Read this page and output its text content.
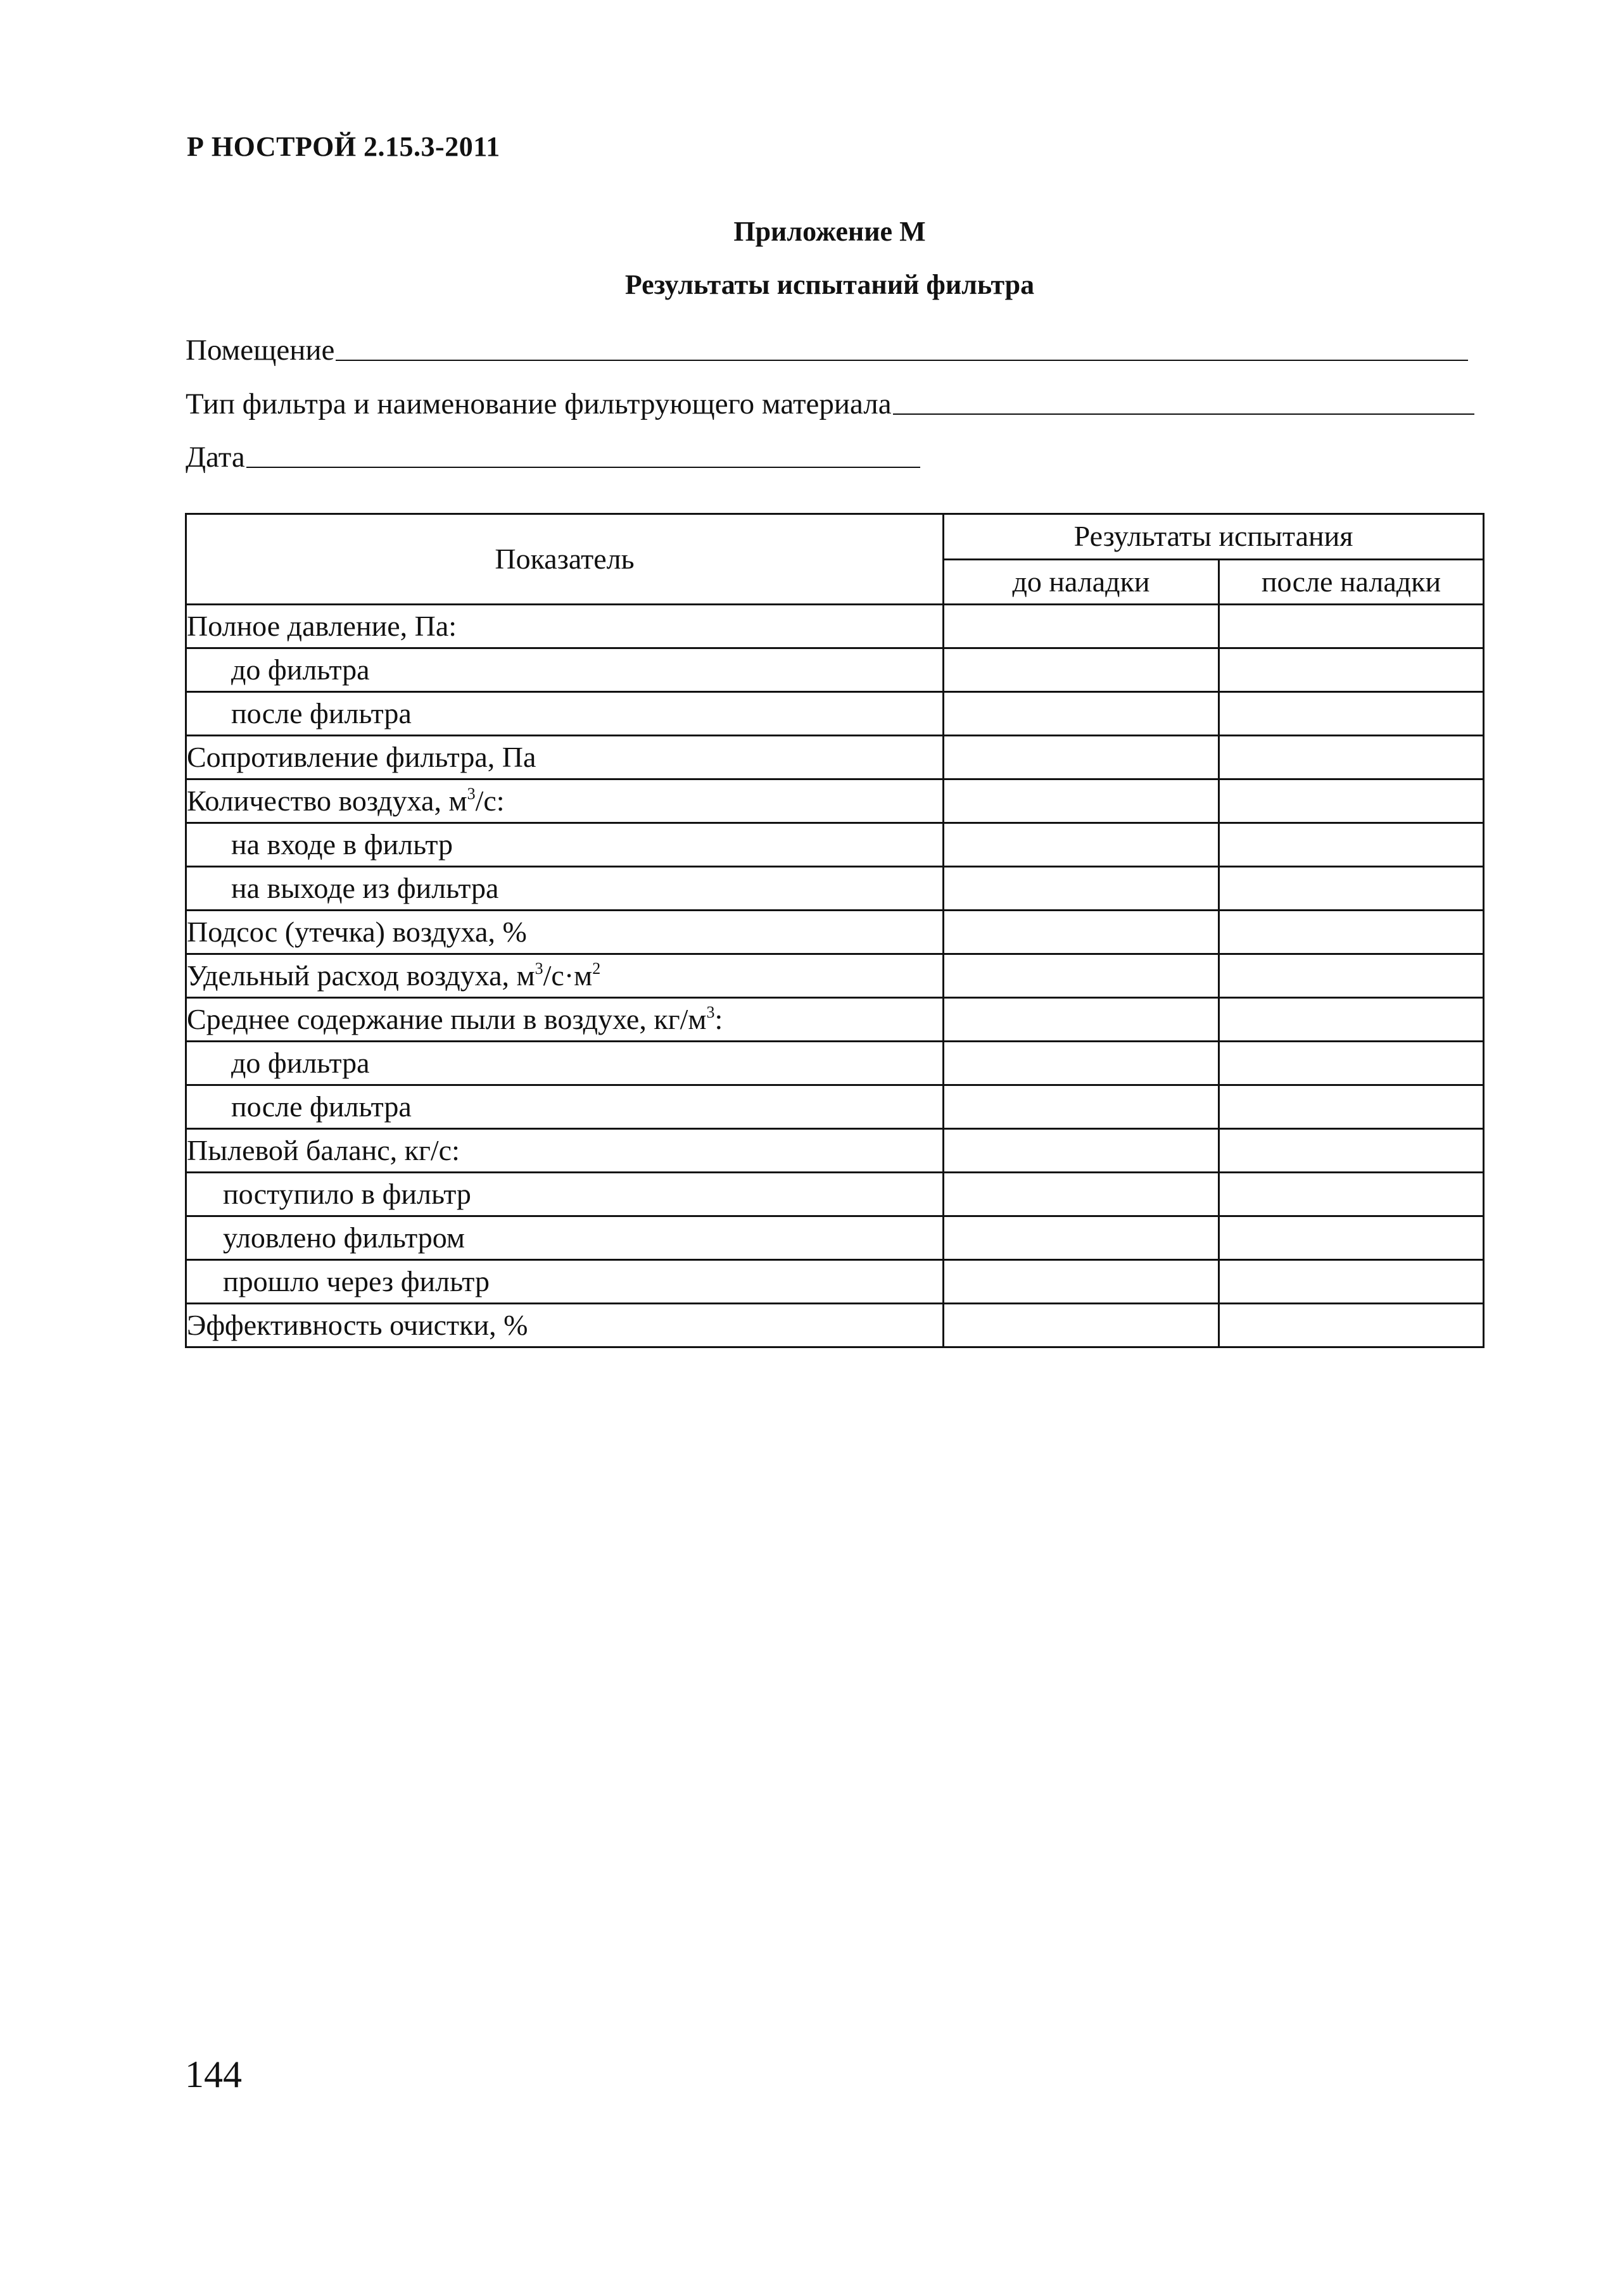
Р НОСТРОЙ 2.15.3-2011
Приложение М
Результаты испытаний фильтра
Помещение
Тип фильтра и наименование фильтрующего материала
Дата
Показатель	Результаты испытания	
	до наладки	после наладки
Полное давление, Па:		
до фильтра		
после фильтра		
Сопротивление фильтра, Па		
Количество воздуха, $м^3/с$:		
на входе в фильтр		
на выходе из фильтра		
Подсос (утечка) воздуха, %		
Удельный расход воздуха, $м^3/с\cdot м^2$		
Среднее содержание пыли в воздухе, $кг/м^3$:		
до фильтра		
после фильтра		
Пылевой баланс, кг/с:		
поступило в фильтр		
уловлено фильтром		
прошло через фильтр		
Эффективность очистки, %		
144
